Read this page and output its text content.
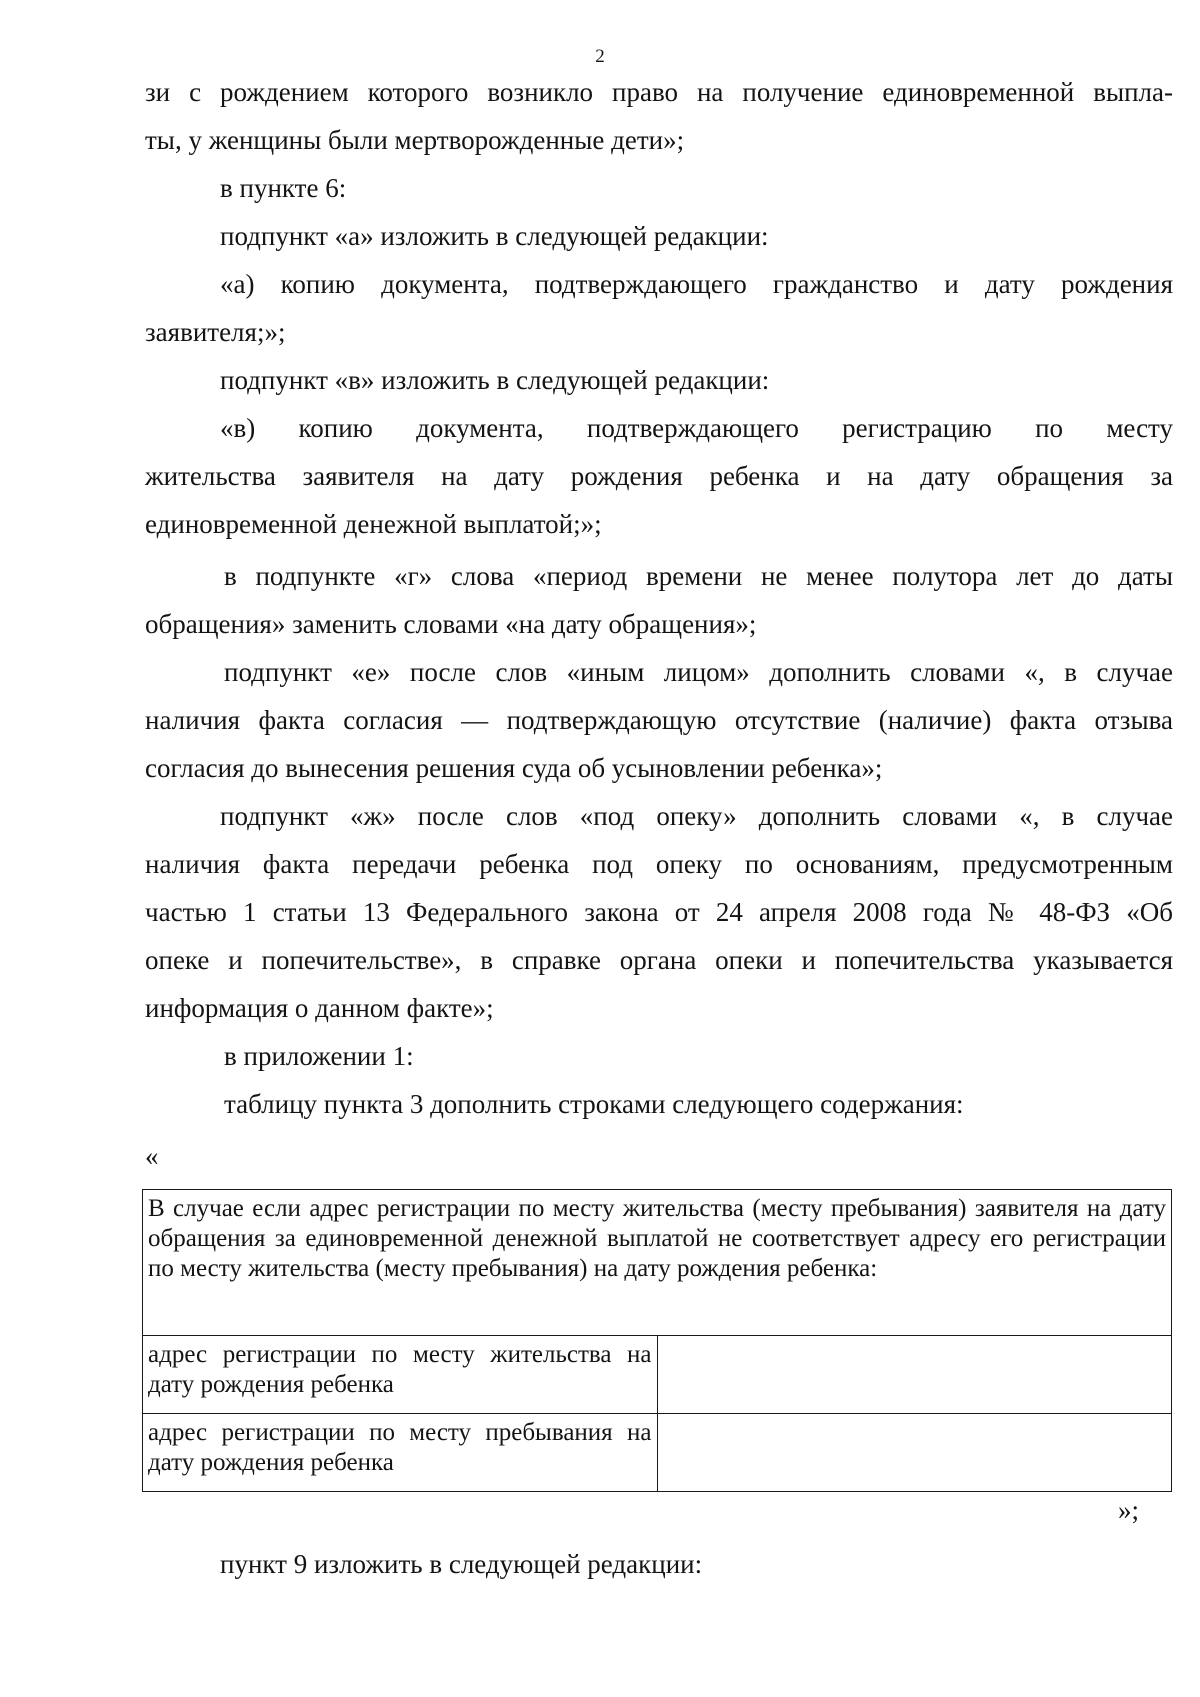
2
зи с рождением которого возникло право на получение единовременной выпла-
ты, у женщины были мертворожденные дети»;
в пункте 6:
подпункт «а» изложить в следующей редакции:
«а) копию документа, подтверждающего гражданство и дату рождения
заявителя;»;
подпункт «в» изложить в следующей редакции:
«в) копию документа, подтверждающего регистрацию по месту
жительства заявителя на дату рождения ребенка и на дату обращения за
единовременной денежной выплатой;»;
в подпункте «г» слова «период времени не менее полутора лет до даты
обращения» заменить словами «на дату обращения»;
подпункт «е» после слов «иным лицом» дополнить словами «, в случае
наличия факта согласия — подтверждающую отсутствие (наличие) факта отзыва
согласия до вынесения решения суда об усыновлении ребенка»;
подпункт «ж» после слов «под опеку» дополнить словами «, в случае
наличия факта передачи ребенка под опеку по основаниям, предусмотренным
частью 1 статьи 13 Федерального закона от 24 апреля 2008 года № 48-ФЗ «Об
опеке и попечительстве», в справке органа опеки и попечительства указывается
информация о данном факте»;
в приложении 1:
таблицу пункта 3 дополнить строками следующего содержания:
«
В случае если адрес регистрации по месту жительства (месту пребывания) заявителя на дату обращения за единовременной денежной выплатой не соответствует адресу его регистрации по месту жительства (месту пребывания) на дату рождения ребенка:	
адрес регистрации по месту жительства на дату рождения ребенка	
адрес регистрации по месту пребывания на дату рождения ребенка	
»;
пункт 9 изложить в следующей редакции:
